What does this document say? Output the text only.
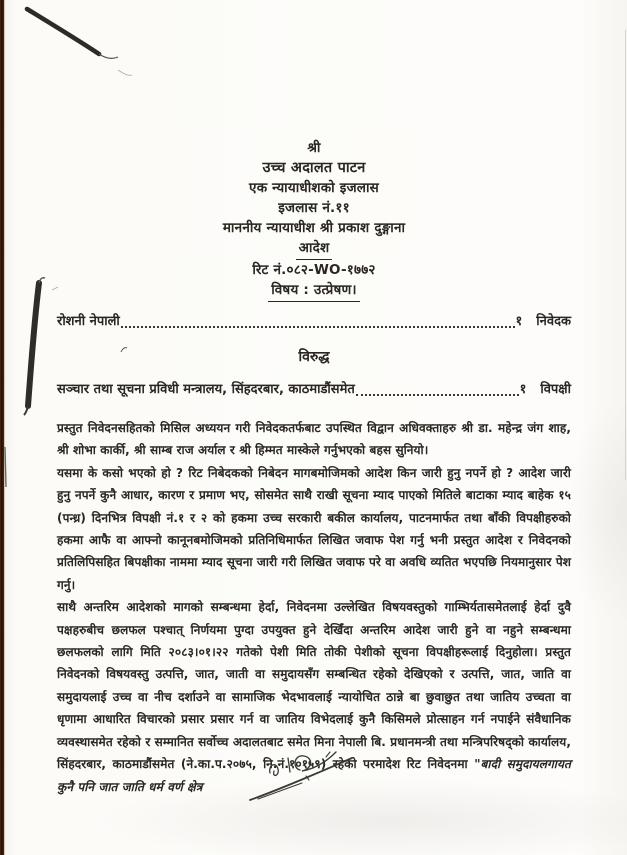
श्री
उच्च अदालत पाटन
एक न्यायाधीशको इजलास
इजलास नं.११
माननीय न्यायाधीश श्री प्रकाश दुङ्गाना
आदेश
रिट नं.०८२-WO-१७७२
विषय : उत्प्रेषण।
रोशनी नेपाली	१ निवेदक
विरुद्ध
सञ्चार तथा सूचना प्रविधी मन्त्रालय, सिंहदरबार, काठमाडौंसमेत	१ विपक्षी

प्रस्तुत निवेदनसहितको मिसिल अध्ययन गरी निवेदकतर्फबाट उपस्थित विद्वान अधिवक्ताहरु श्री डा. महेन्द्र जंग शाह, श्री शोभा कार्की, श्री साम्ब राज अर्याल र श्री हिम्मत मास्केले गर्नुभएको बहस सुनियो।

यसमा के कसो भएको हो ? रिट निबेदकको निबेदन मागबमोजिमको आदेश किन जारी हुनु नपर्ने हो ? आदेश जारी हुनु नपर्ने कुनै आधार, कारण र प्रमाण भए, सोसमेत साथै राखी सूचना म्याद पाएको मितिले बाटाका म्याद बाहेक १५ (पन्ध्र) दिनभित्र विपक्षी नं.१ र २ को हकमा उच्च सरकारी बकील कार्यालय, पाटनमार्फत तथा बाँकी विपक्षीहरुको हकमा आफै वा आफ्नो कानूनबमोजिमको प्रतिनिधिमार्फत लिखित जवाफ पेश गर्नु भनी प्रस्तुत आदेश र निवेदनको प्रतिलिपिसहित बिपक्षीका नाममा म्याद सूचना जारी गरी लिखित जवाफ परे वा अवधि व्यतित भएपछि नियमानुसार पेश गर्नु।

साथै अन्तरिम आदेशको मागको सम्बन्धमा हेर्दा, निवेदनमा उल्लेखित विषयवस्तुको गाम्भिर्यतासमेतलाई हेर्दा दुवै पक्षहरुबीच छलफल पश्चात् निर्णयमा पुग्दा उपयुक्त हुने देखिँदा अन्तरिम आदेश जारी हुने वा नहुने सम्बन्धमा छलफलको लागि मिति २०८३।०१।२२ गतेको पेशी मिति तोकी पेशीको सूचना विपक्षीहरूलाई दिनुहोला। प्रस्तुत निवेदनको विषयवस्तु उत्पत्ति, जात, जाती वा समुदायसँग सम्बन्धित रहेको देखिएको र उत्पत्ति, जात, जाति वा समुदायलाई उच्च वा नीच दर्शाउने वा सामाजिक भेदभावलाई न्यायोचित ठान्ने बा छुवाछुत तथा जातिय उच्चता वा धृणामा आधारित विचारको प्रसार प्रसार गर्न वा जातिय विभेदलाई कुनै किसिमले प्रोत्साहन गर्न नपाईने संवैधानिक व्यवस्थासमेत रहेको र सम्मानित सर्वोच्च अदालतबाट समेत मिना नेपाली बि. प्रधानमन्त्री तथा मन्त्रिपरिषद्को कार्यालय, सिंहदरबार, काठमाडौंसमेत (ने.का.प.२०७५, नि.नं.१०१५९) रहेको परमादेश रिट निवेदनमा "बादी समुदायलगायत कुनै पनि जात जाति धर्म वर्ण क्षेत्र
